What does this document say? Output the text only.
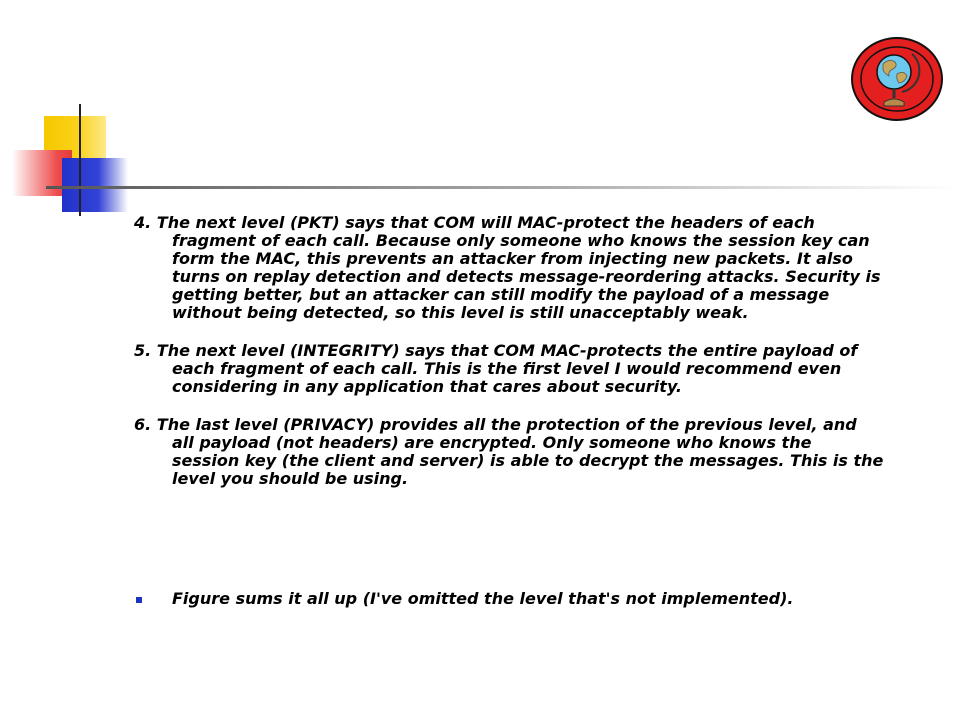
4. The next level (PKT) says that COM will MAC-protect the headers of each fragment of each call. Because only someone who knows the session key can form the MAC, this prevents an attacker from injecting new packets. It also turns on replay detection and detects message-reordering attacks. Security is getting better, but an attacker can still modify the payload of a message without being detected, so this level is still unacceptably weak.

5. The next level (INTEGRITY) says that COM MAC-protects the entire payload of each fragment of each call. This is the first level I would recommend even considering in any application that cares about security.

6. The last level (PRIVACY) provides all the protection of the previous level, and all payload (not headers) are encrypted. Only someone who knows the session key (the client and server) is able to decrypt the messages. This is the level you should be using.

Figure sums it all up (I've omitted the level that's not implemented).
